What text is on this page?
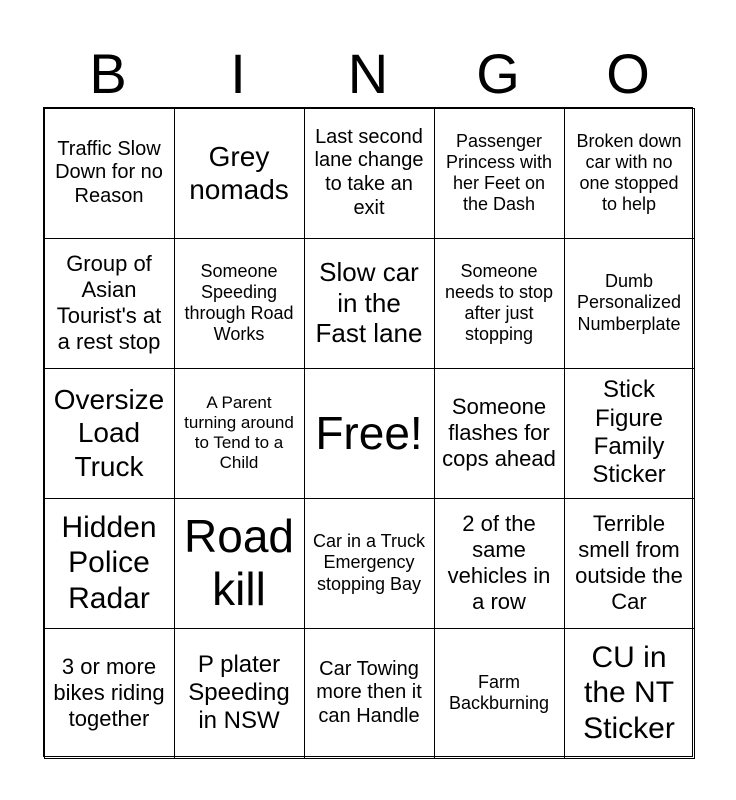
B	I	N	G	O
Traffic Slow Down for no Reason
Grey nomads
Last second lane change to take an exit
Passenger Princess with her Feet on the Dash
Broken down car with no one stopped to help
Group of Asian Tourist's at a rest stop
Someone Speeding through Road Works
Slow car in the Fast lane
Someone needs to stop after just stopping
Dumb Personalized Numberplate
Oversize Load Truck
A Parent turning around to Tend to a Child
Free!
Someone flashes for cops ahead
Stick Figure Family Sticker
Hidden Police Radar
Road kill
Car in a Truck Emergency stopping Bay
2 of the same vehicles in a row
Terrible smell from outside the Car
3 or more bikes riding together
P plater Speeding in NSW
Car Towing more then it can Handle
Farm Backburning
CU in the NT Sticker
